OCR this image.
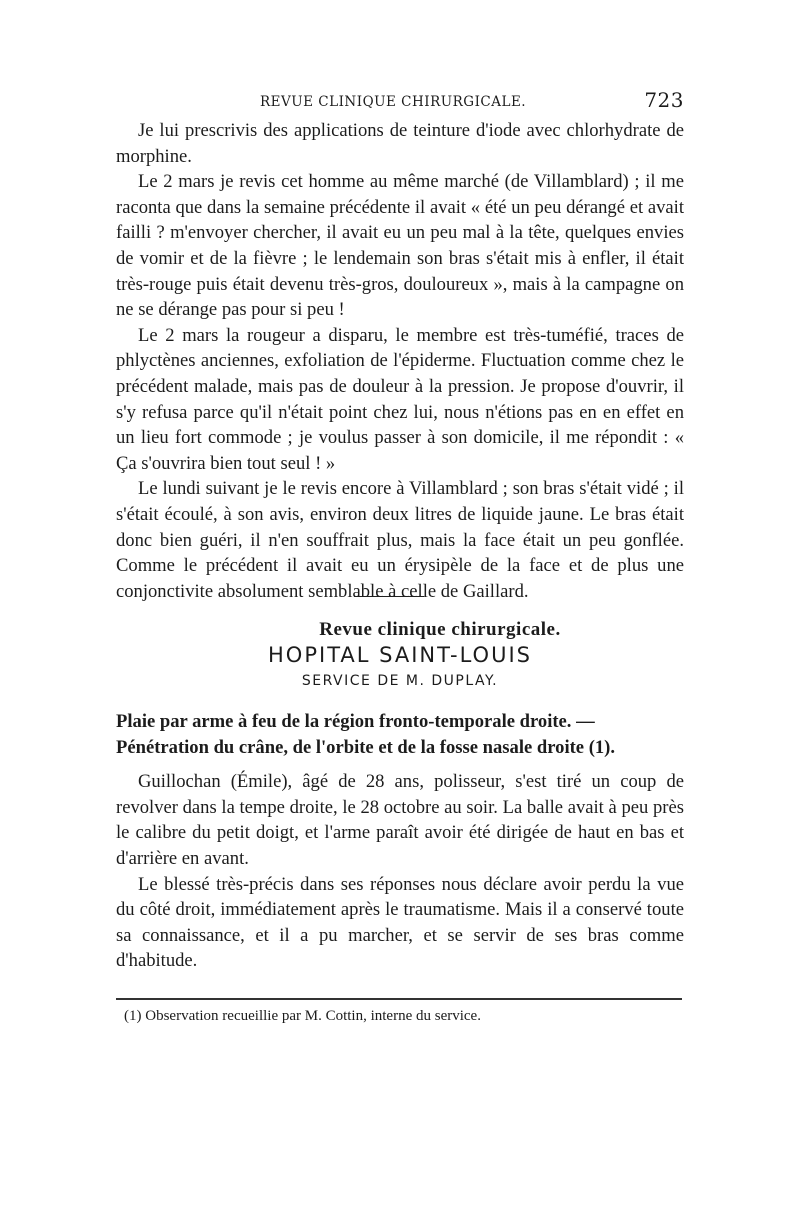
REVUE CLINIQUE CHIRURGICALE.	723

Je lui prescrivis des applications de teinture d'iode avec chlorhydrate de morphine.

Le 2 mars je revis cet homme au même marché (de Villamblard) ; il me raconta que dans la semaine précédente il avait « été un peu dérangé et avait failli ? m'envoyer chercher, il avait eu un peu mal à la tête, quelques envies de vomir et de la fièvre ; le lendemain son bras s'était mis à enfler, il était très-rouge puis était devenu très-gros, douloureux », mais à la campagne on ne se dérange pas pour si peu !

Le 2 mars la rougeur a disparu, le membre est très-tuméfié, traces de phlyctènes anciennes, exfoliation de l'épiderme. Fluctuation comme chez le précédent malade, mais pas de douleur à la pression. Je propose d'ouvrir, il s'y refusa parce qu'il n'était point chez lui, nous n'étions pas en en effet en un lieu fort commode ; je voulus passer à son domicile, il me répondit : « Ça s'ouvrira bien tout seul ! »

Le lundi suivant je le revis encore à Villamblard ; son bras s'était vidé ; il s'était écoulé, à son avis, environ deux litres de liquide jaune. Le bras était donc bien guéri, il n'en souffrait plus, mais la face était un peu gonflée. Comme le précédent il avait eu un érysipèle de la face et de plus une conjonctivite absolument semblable à celle de Gaillard.

Revue clinique chirurgicale.
HOPITAL SAINT-LOUIS
SERVICE DE M. DUPLAY.
Plaie par arme à feu de la région fronto-temporale droite. — Pénétration du crâne, de l'orbite et de la fosse nasale droite (1).

Guillochan (Émile), âgé de 28 ans, polisseur, s'est tiré un coup de revolver dans la tempe droite, le 28 octobre au soir. La balle avait à peu près le calibre du petit doigt, et l'arme paraît avoir été dirigée de haut en bas et d'arrière en avant.

Le blessé très-précis dans ses réponses nous déclare avoir perdu la vue du côté droit, immédiatement après le traumatisme. Mais il a conservé toute sa connaissance, et il a pu marcher, et se servir de ses bras comme d'habitude.

(1) Observation recueillie par M. Cottin, interne du service.
